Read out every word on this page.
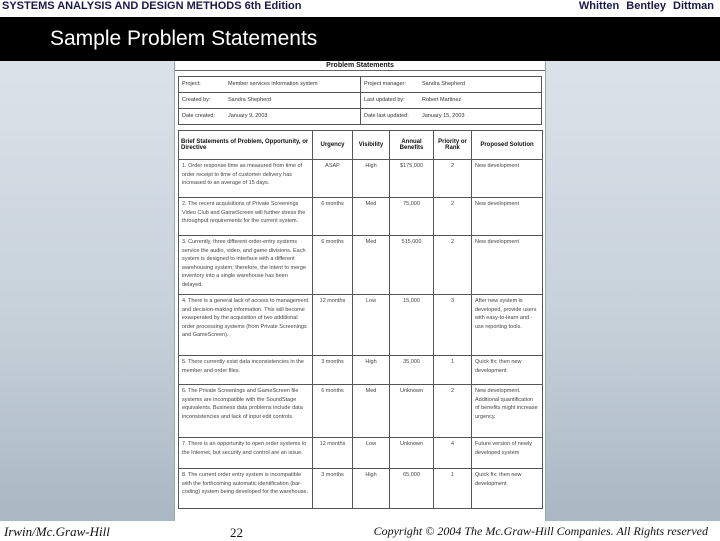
SYSTEMS ANALYSIS AND DESIGN METHODS 6th Edition	Whitten Bentley Dittman
Sample Problem Statements
Problem Statements
Project:	Member services information system	Project manager:	Sandra Shepherd
Created by:	Sandra Shepherd	Last updated by:	Robert Martinez
Date created:	January 9, 2003	Date last updated:	January 15, 2003
Brief Statements of Problem, Opportunity, or Directive	Urgency	Visibility	Annual Benefits	Priority or Rank	Proposed Solution
1. Order response time as measured from time of order receipt to time of customer delivery has increased to an average of 15 days.	ASAP	High	$175,000	2	New development
2. The recent acquisitions of Private Screenings Video Club and GameScreen will further stress the throughput requirements for the current system.	6 months	Med	75,000	2	New development
3. Currently, three different order-entry systems service the audio, video, and game divisions. Each system is designed to interface with a different warehousing system; therefore, the intent to merge inventory into a single warehouse has been delayed.	6 months	Med	515,000	2	New development
4. There is a general lack of access to management and decision-making information. This will become exasperated by the acquisition of two additional order processing systems (from Private Screenings and GameScreen).	12 months	Low	15,000	3	After new system is developed, provide users with easy-to-learn and -use reporting tools.
5. There currently exist data inconsistencies in the member and order files.	3 months	High	35,000	1	Quick fix; then new development
6. The Private Screenings and GameScreen file systems are incompatible with the SoundStage equivalents. Business data problems include data inconsistencies and lack of input edit controls.	6 months	Med	Unknown	2	New development. Additional quantification of benefits might increase urgency.
7. There is an opportunity to open order systems to the Internet, but security and control are an issue.	12 months	Low	Unknown	4	Future version of newly developed system
8. The current order entry system is incompatible with the forthcoming automatic identification (bar-coding) system being developed for the warehouse.	3 months	High	65,000	1	Quick fix; then new development
Irwin/Mc.Graw-Hill	22	Copyright © 2004 The Mc.Graw-Hill Companies. All Rights reserved
